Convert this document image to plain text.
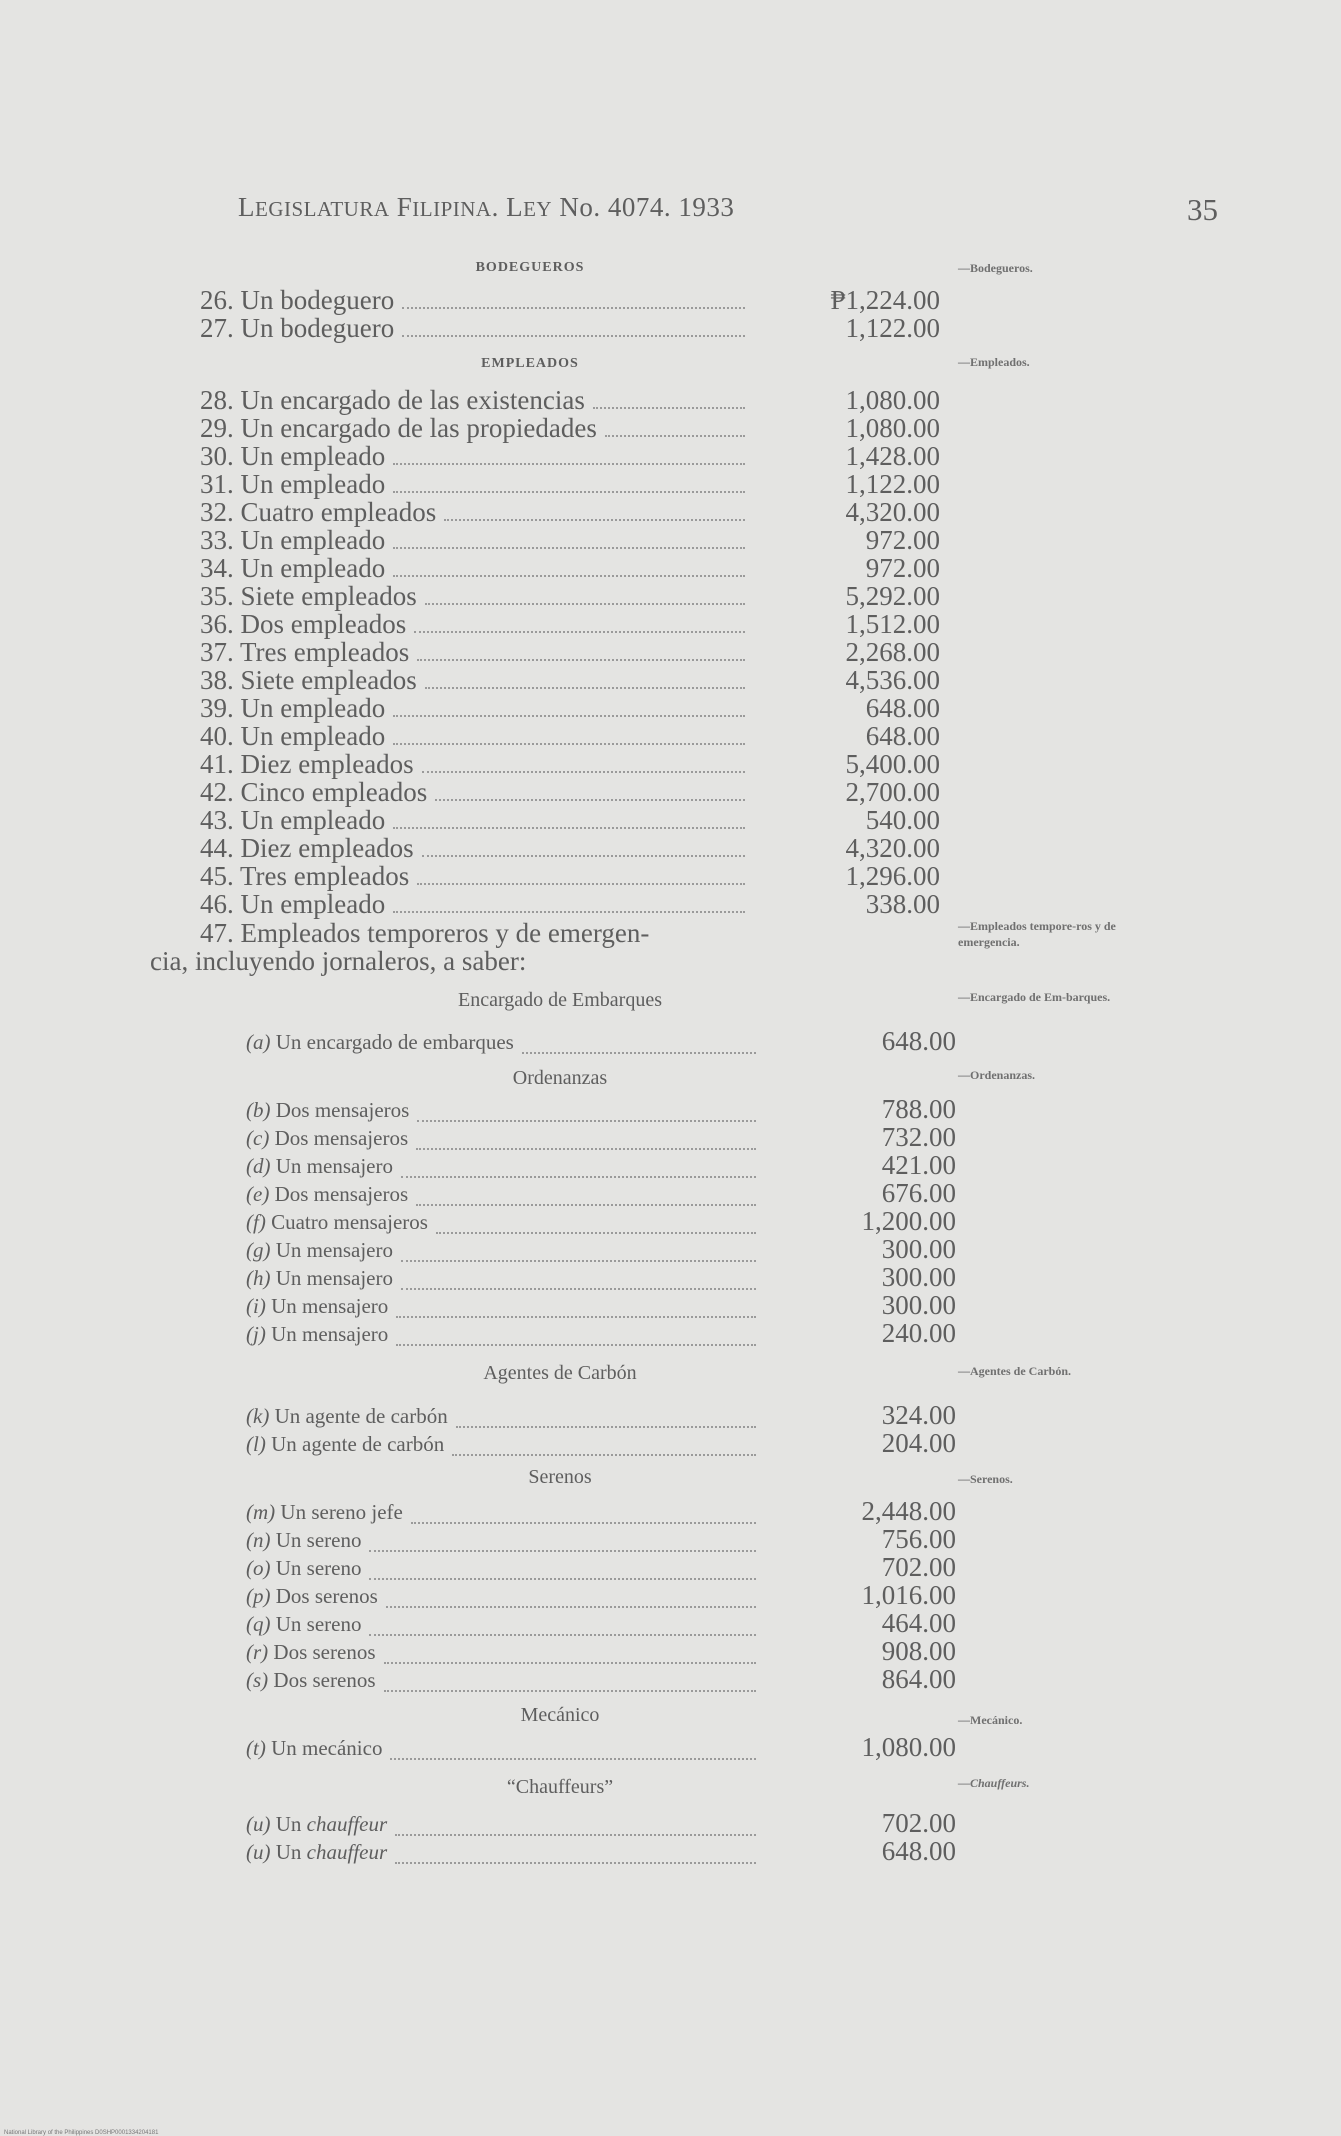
LEGISLATURA FILIPINA. LEY No. 4074. 1933	35
BODEGUEROS
EMPLEADOS
Encargado de Embarques
Ordenanzas
Agentes de Carbón
Serenos
Mecánico
“Chauffeurs”
—Bodegueros.
—Empleados.
—Empleados tempore-ros y de emergencia.
—Encargado de Em-barques.
—Ordenanzas.
—Agentes de Carbón.
—Serenos.
—Mecánico.
—Chauffeurs.
26. Un bodeguero	₱1,224.00
27. Un bodeguero	1,122.00
28. Un encargado de las existencias	1,080.00
29. Un encargado de las propiedades	1,080.00
30. Un empleado	1,428.00
31. Un empleado	1,122.00
32. Cuatro empleados	4,320.00
33. Un empleado	972.00
34. Un empleado	972.00
35. Siete empleados	5,292.00
36. Dos empleados	1,512.00
37. Tres empleados	2,268.00
38. Siete empleados	4,536.00
39. Un empleado	648.00
40. Un empleado	648.00
41. Diez empleados	5,400.00
42. Cinco empleados	2,700.00
43. Un empleado	540.00
44. Diez empleados	4,320.00
45. Tres empleados	1,296.00
46. Un empleado	338.00
47. Empleados temporeros y de emergen-
cia, incluyendo jornaleros, a saber:
(a) Un encargado de embarques	648.00
(b) Dos mensajeros	788.00
(c) Dos mensajeros	732.00
(d) Un mensajero	421.00
(e) Dos mensajeros	676.00
(f) Cuatro mensajeros	1,200.00
(g) Un mensajero	300.00
(h) Un mensajero	300.00
(i) Un mensajero	300.00
(j) Un mensajero	240.00
(k) Un agente de carbón	324.00
(l) Un agente de carbón	204.00
(m) Un sereno jefe	2,448.00
(n) Un sereno	756.00
(o) Un sereno	702.00
(p) Dos serenos	1,016.00
(q) Un sereno	464.00
(r) Dos serenos	908.00
(s) Dos serenos	864.00
(t) Un mecánico	1,080.00
(u) Un chauffeur	702.00
(u) Un chauffeur	648.00
National Library of the Philippines D0SHP0001334204181
